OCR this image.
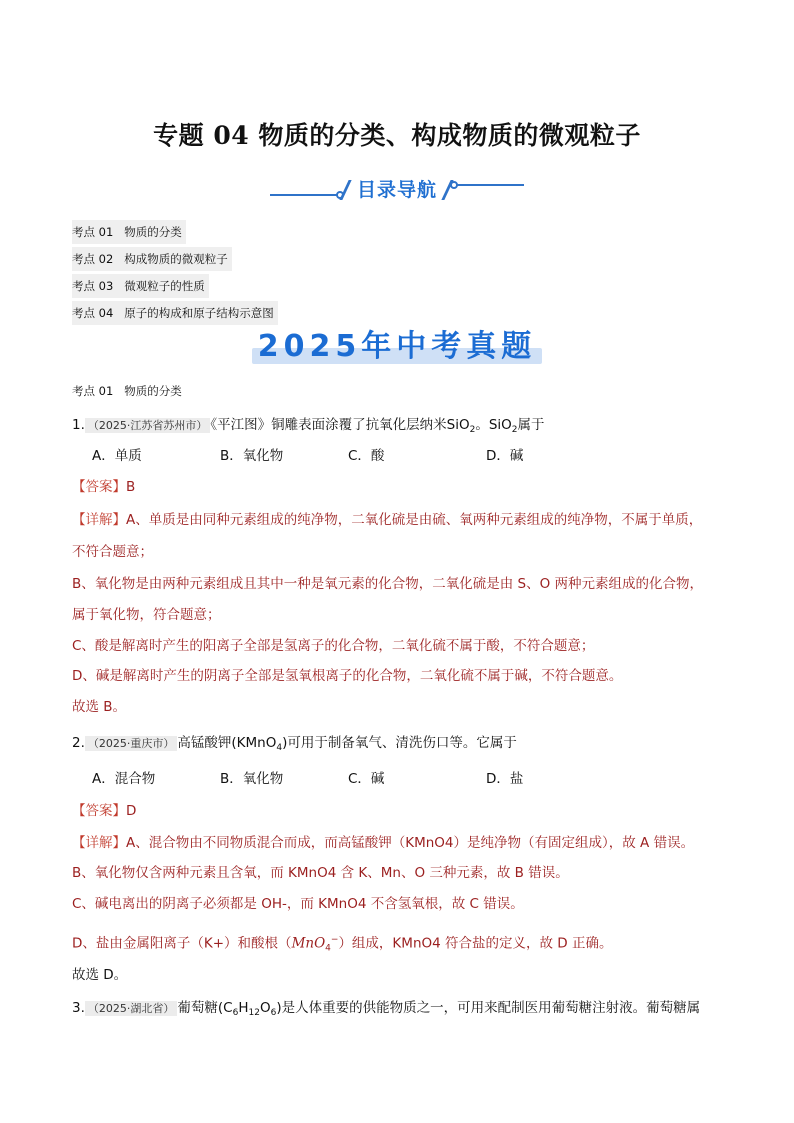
专题 04 物质的分类、构成物质的微观粒子
目录导航
考点 01 物质的分类
考点 02 构成物质的微观粒子
考点 03 微观粒子的性质
考点 04 原子的构成和原子结构示意图
2025年中考真题
考点 01 物质的分类
1. （2025·江苏省苏州市） 《平江图》铜雕表面涂覆了抗氧化层纳米SiO$_2$。SiO$_2$属于
A．单质	B．氧化物	C．酸	D．碱
【答案】B
【详解】A、单质是由同种元素组成的纯净物，二氧化硫是由硫、氧两种元素组成的纯净物，不属于单质，
不符合题意；
B、氧化物是由两种元素组成且其中一种是氧元素的化合物，二氧化硫是由 S、O 两种元素组成的化合物，
属于氧化物，符合题意；
C、酸是解离时产生的阳离子全部是氢离子的化合物，二氧化硫不属于酸，不符合题意；
D、碱是解离时产生的阴离子全部是氢氧根离子的化合物，二氧化硫不属于碱，不符合题意。
故选 B。
2. （2025·重庆市） 高锰酸钾(KMnO$_4$)可用于制备氧气、清洗伤口等。它属于
A．混合物	B．氧化物	C．碱	D．盐
【答案】D
【详解】A、混合物由不同物质混合而成，而高锰酸钾（KMnO4）是纯净物（有固定组成），故 A 错误。
B、氧化物仅含两种元素且含氧，而 KMnO4 含 K、Mn、O 三种元素，故 B 错误。
C、碱电离出的阴离子必须都是 OH-，而 KMnO4 不含氢氧根，故 C 错误。
D、盐由金属阳离子（K+）和酸根（MnO$_4$−）组成，KMnO4 符合盐的定义，故 D 正确。
故选 D。
3. （2025·湖北省） 葡萄糖$(C_6H_{12}O_6)$是人体重要的供能物质之一，可用来配制医用葡萄糖注射液。葡萄糖属
